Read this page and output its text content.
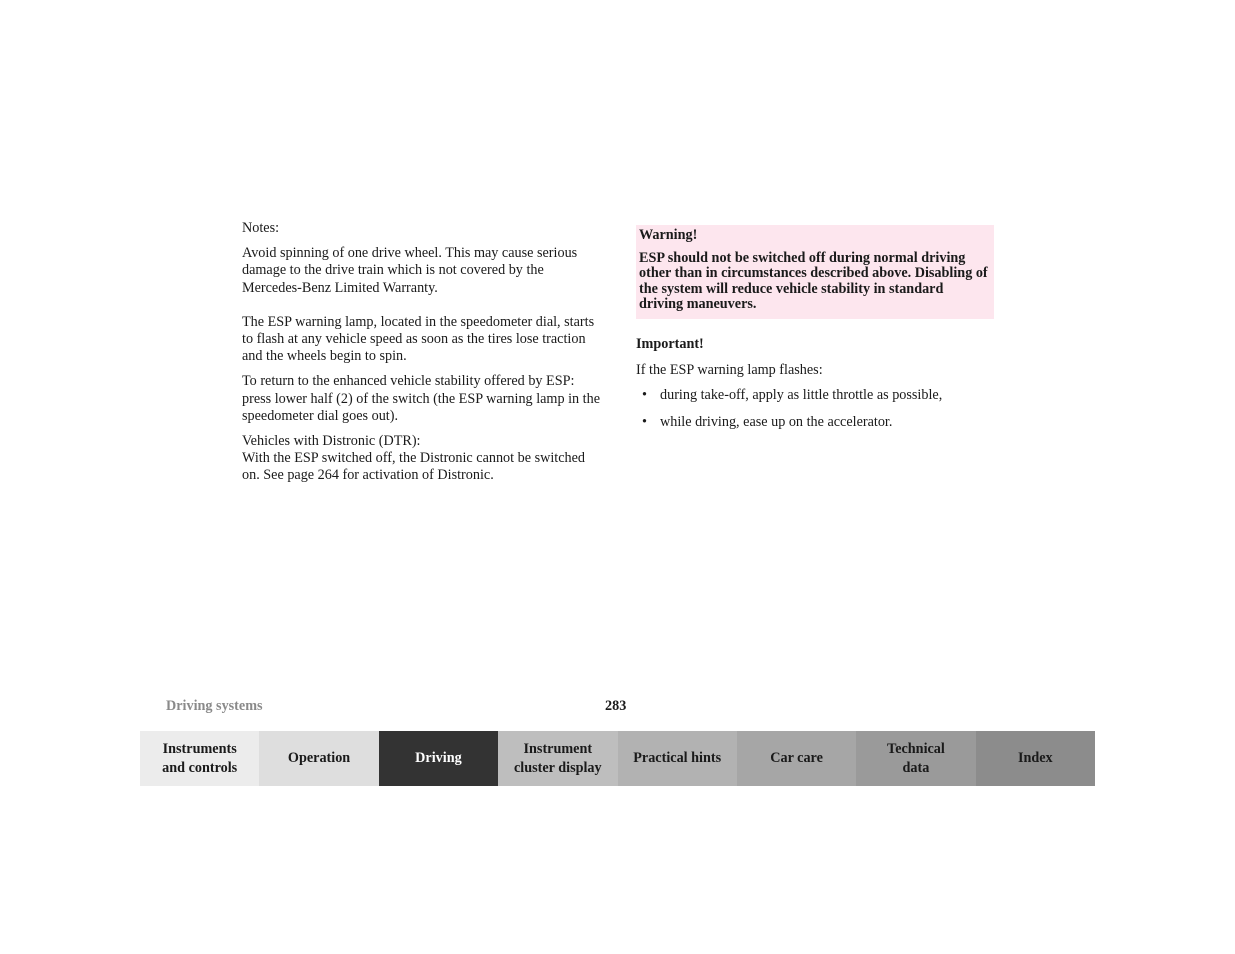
Notes:

Avoid spinning of one drive wheel. This may cause serious damage to the drive train which is not covered by the Mercedes-Benz Limited Warranty.

The ESP warning lamp, located in the speedometer dial, starts to flash at any vehicle speed as soon as the tires lose traction and the wheels begin to spin.

To return to the enhanced vehicle stability offered by ESP: press lower half (2) of the switch (the ESP warning lamp in the speedometer dial goes out).

Vehicles with Distronic (DTR):
With the ESP switched off, the Distronic cannot be switched on. See page 264 for activation of Distronic.

Warning!

ESP should not be switched off during normal driving other than in circumstances described above. Disabling of the system will reduce vehicle stability in standard driving maneuvers.

Important!

If the ESP warning lamp flashes:

• during take-off, apply as little throttle as possible,
• while driving, ease up on the accelerator.
Driving systems	283
Instruments
and controls
Operation	Driving
Instrument
cluster display
Practical hints	Car care
Technical
data
Index
